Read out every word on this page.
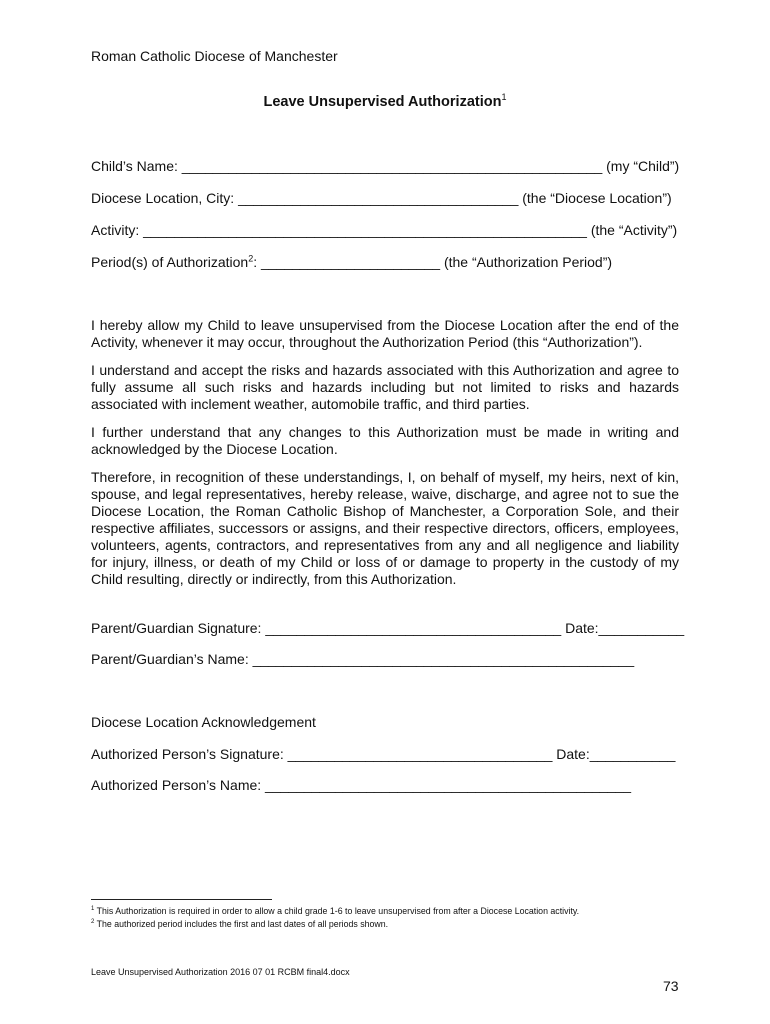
Roman Catholic Diocese of Manchester
Leave Unsupervised Authorization$^1$
Child’s Name: ______________________________________________________ (my “Child”)
Diocese Location, City: ____________________________________ (the “Diocese Location”)
Activity: _________________________________________________________ (the “Activity”)
Period(s) of Authorization$^2$: _______________________ (the “Authorization Period”)
I hereby allow my Child to leave unsupervised from the Diocese Location after the end of the Activity, whenever it may occur, throughout the Authorization Period (this “Authorization”).
I understand and accept the risks and hazards associated with this Authorization and agree to fully assume all such risks and hazards including but not limited to risks and hazards associated with inclement weather, automobile traffic, and third parties.
I further understand that any changes to this Authorization must be made in writing and acknowledged by the Diocese Location.
Therefore, in recognition of these understandings, I, on behalf of myself, my heirs, next of kin, spouse, and legal representatives, hereby release, waive, discharge, and agree not to sue the Diocese Location, the Roman Catholic Bishop of Manchester, a Corporation Sole, and their respective affiliates, successors or assigns, and their respective directors, officers, employees, volunteers, agents, contractors, and representatives from any and all negligence and liability for injury, illness, or death of my Child or loss of or damage to property in the custody of my Child resulting, directly or indirectly, from this Authorization.
Parent/Guardian Signature: ______________________________________ Date:___________
Parent/Guardian’s Name: _________________________________________________
Diocese Location Acknowledgement
Authorized Person’s Signature: __________________________________ Date:___________
Authorized Person’s Name: _______________________________________________
$^1$ This Authorization is required in order to allow a child grade 1-6 to leave unsupervised from after a Diocese Location activity.
$^2$ The authorized period includes the first and last dates of all periods shown.
Leave Unsupervised Authorization 2016 07 01 RCBM final4.docx
73
